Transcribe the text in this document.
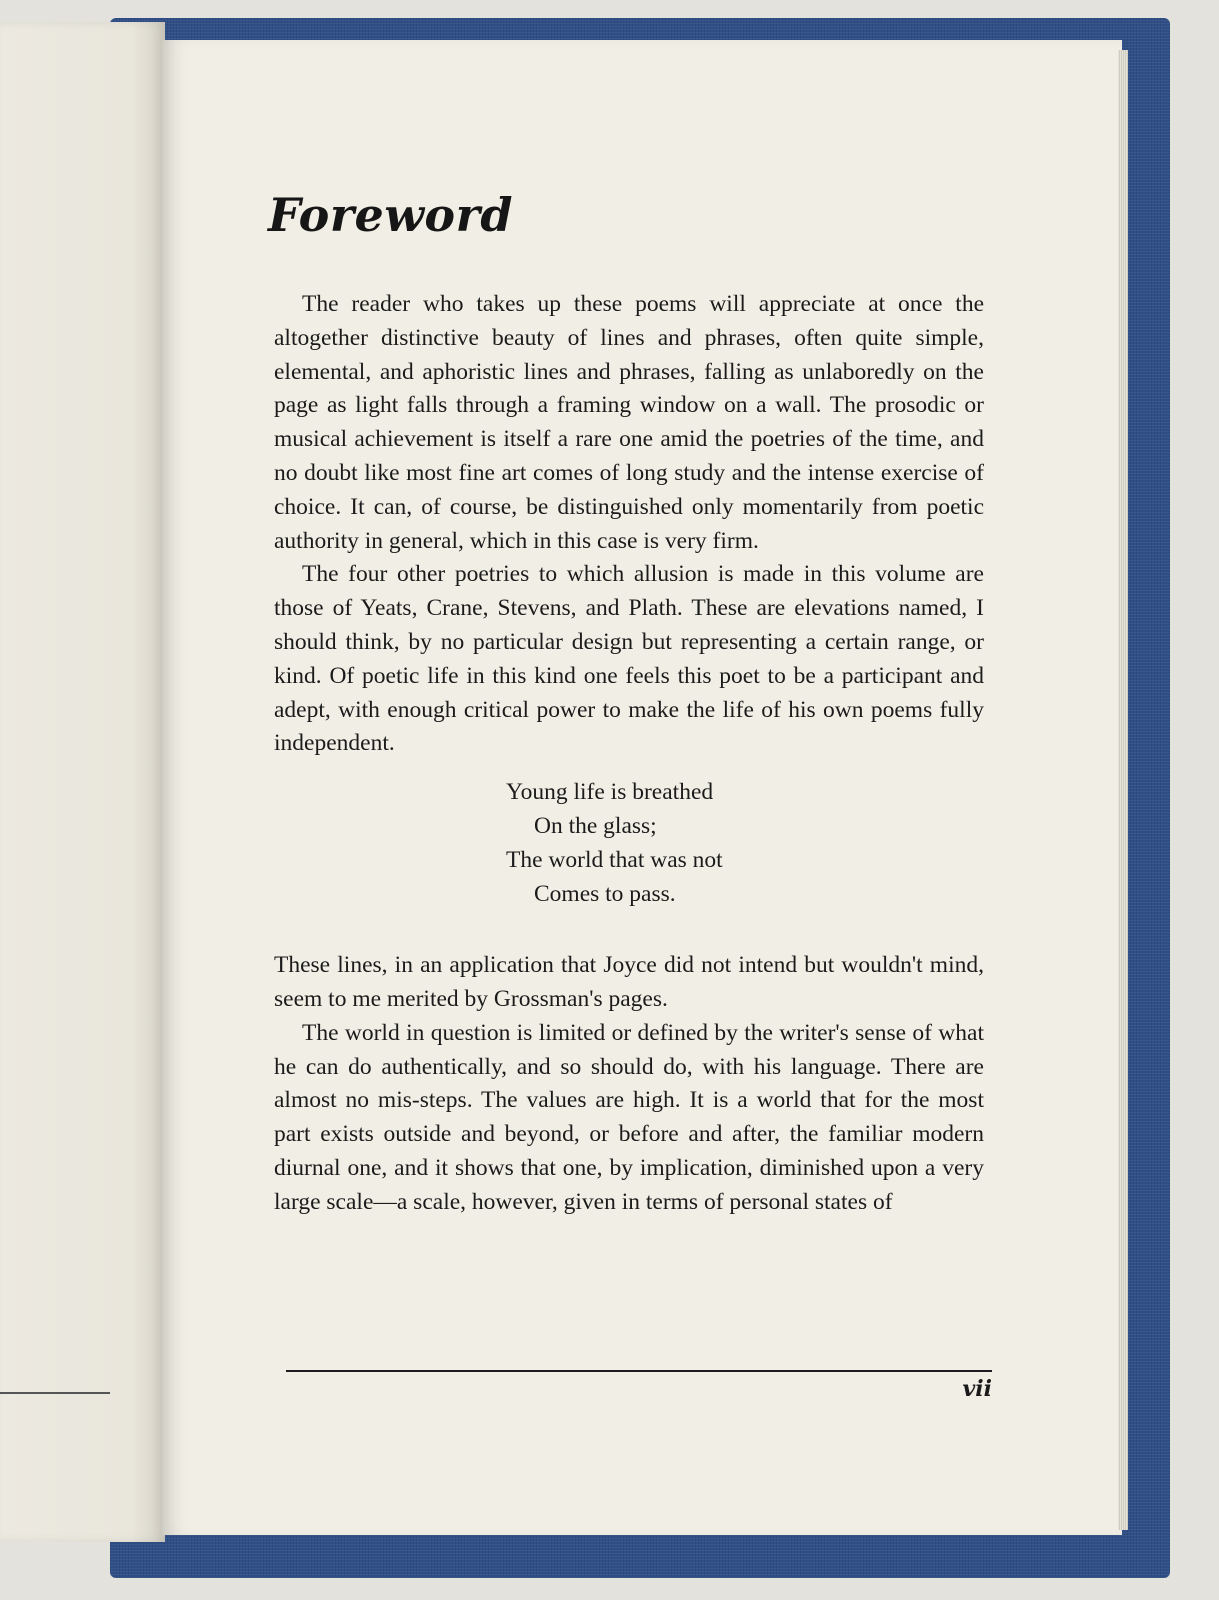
Foreword

The reader who takes up these poems will appreciate at once the altogether distinctive beauty of lines and phrases, often quite simple, elemental, and aphoristic lines and phrases, falling as unlaboredly on the page as light falls through a framing window on a wall. The prosodic or musical achievement is itself a rare one amid the poetries of the time, and no doubt like most fine art comes of long study and the intense exercise of choice. It can, of course, be distinguished only momentarily from poetic authority in general, which in this case is very firm.

The four other poetries to which allusion is made in this volume are those of Yeats, Crane, Stevens, and Plath. These are elevations named, I should think, by no particular design but representing a certain range, or kind. Of poetic life in this kind one feels this poet to be a participant and adept, with enough critical power to make the life of his own poems fully independent.

Young life is breathed
On the glass;
The world that was not
Comes to pass.

These lines, in an application that Joyce did not intend but wouldn't mind, seem to me merited by Grossman's pages.

The world in question is limited or defined by the writer's sense of what he can do authentically, and so should do, with his language. There are almost no mis-steps. The values are high. It is a world that for the most part exists outside and beyond, or before and after, the familiar modern diurnal one, and it shows that one, by implication, diminished upon a very large scale—a scale, however, given in terms of personal states of

vii
